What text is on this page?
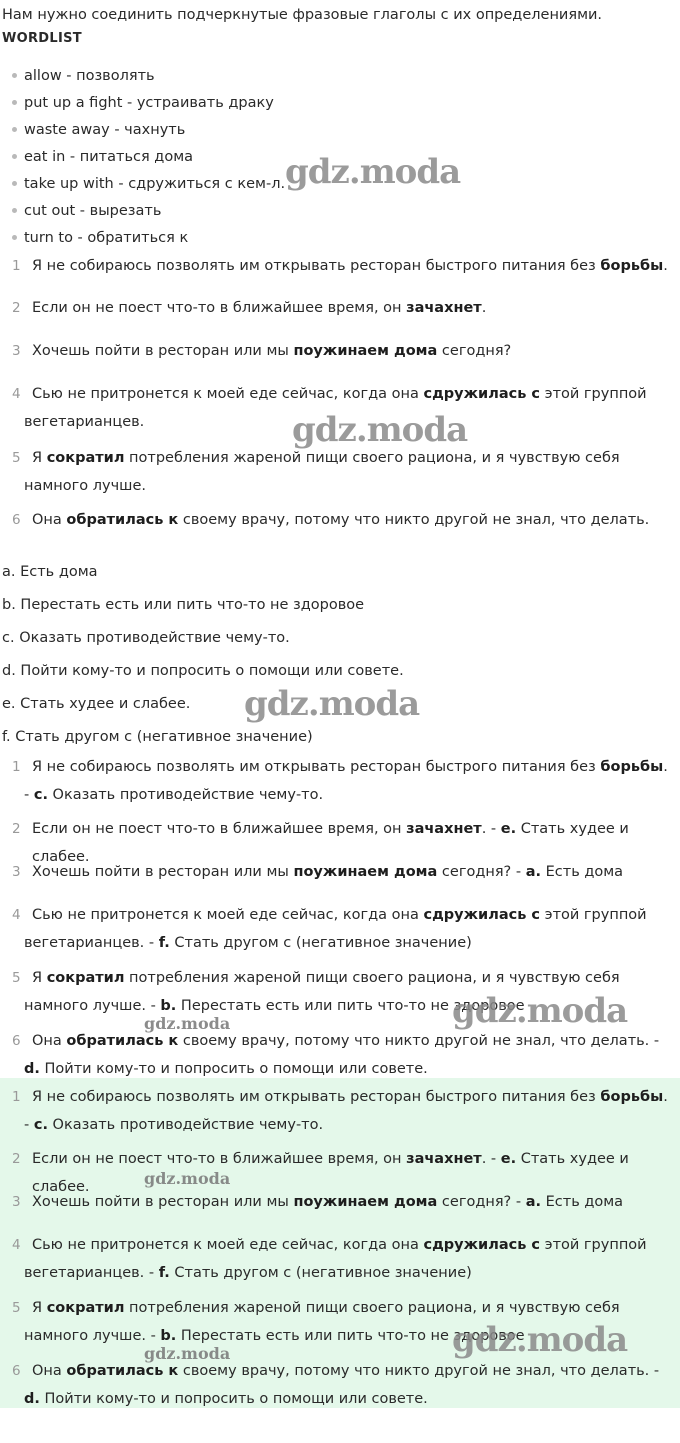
Нам нужно соединить подчеркнутые фразовые глаголы с их определениями.
WORDLIST
allow - позволять
put up a fight - устраивать драку
waste away - чахнуть
eat in - питаться дома
take up with - сдружиться с кем-л.
cut out - вырезать
turn to - обратиться к
1 Я не собираюсь позволять им открывать ресторан быстрого питания без борьбы.
2 Если он не поест что-то в ближайшее время, он зачахнет.
3 Хочешь пойти в ресторан или мы поужинаем дома сегодня?
4 Сью не притронется к моей еде сейчас, когда она сдружилась с этой группой вегетарианцев.
5 Я сократил потребления жареной пищи своего рациона, и я чувствую себя намного лучше.
6 Она обратилась к своему врачу, потому что никто другой не знал, что делать.
a. Есть дома
b. Перестать есть или пить что-то не здоровое
c. Оказать противодействие чему-то.
d. Пойти кому-то и попросить о помощи или совете.
e. Стать худее и слабее.
f. Стать другом с (негативное значение)
1 Я не собираюсь позволять им открывать ресторан быстрого питания без борьбы. - c. Оказать противодействие чему-то.
2 Если он не поест что-то в ближайшее время, он зачахнет. - e. Стать худее и слабее.
3 Хочешь пойти в ресторан или мы поужинаем дома сегодня? - a. Есть дома
4 Сью не притронется к моей еде сейчас, когда она сдружилась с этой группой вегетарианцев. - f. Стать другом с (негативное значение)
5 Я сократил потребления жареной пищи своего рациона, и я чувствую себя намного лучше. - b. Перестать есть или пить что-то не здоровое
6 Она обратилась к своему врачу, потому что никто другой не знал, что делать. - d. Пойти кому-то и попросить о помощи или совете.
1 Я не собираюсь позволять им открывать ресторан быстрого питания без борьбы. - c. Оказать противодействие чему-то.
2 Если он не поест что-то в ближайшее время, он зачахнет. - e. Стать худее и слабее.
3 Хочешь пойти в ресторан или мы поужинаем дома сегодня? - a. Есть дома
4 Сью не притронется к моей еде сейчас, когда она сдружилась с этой группой вегетарианцев. - f. Стать другом с (негативное значение)
5 Я сократил потребления жареной пищи своего рациона, и я чувствую себя намного лучше. - b. Перестать есть или пить что-то не здоровое
6 Она обратилась к своему врачу, потому что никто другой не знал, что делать. - d. Пойти кому-то и попросить о помощи или совете.
gdz.moda
gdz.moda
gdz.moda
gdz.moda
gdz.moda
gdz.moda
gdz.moda
gdz.moda
